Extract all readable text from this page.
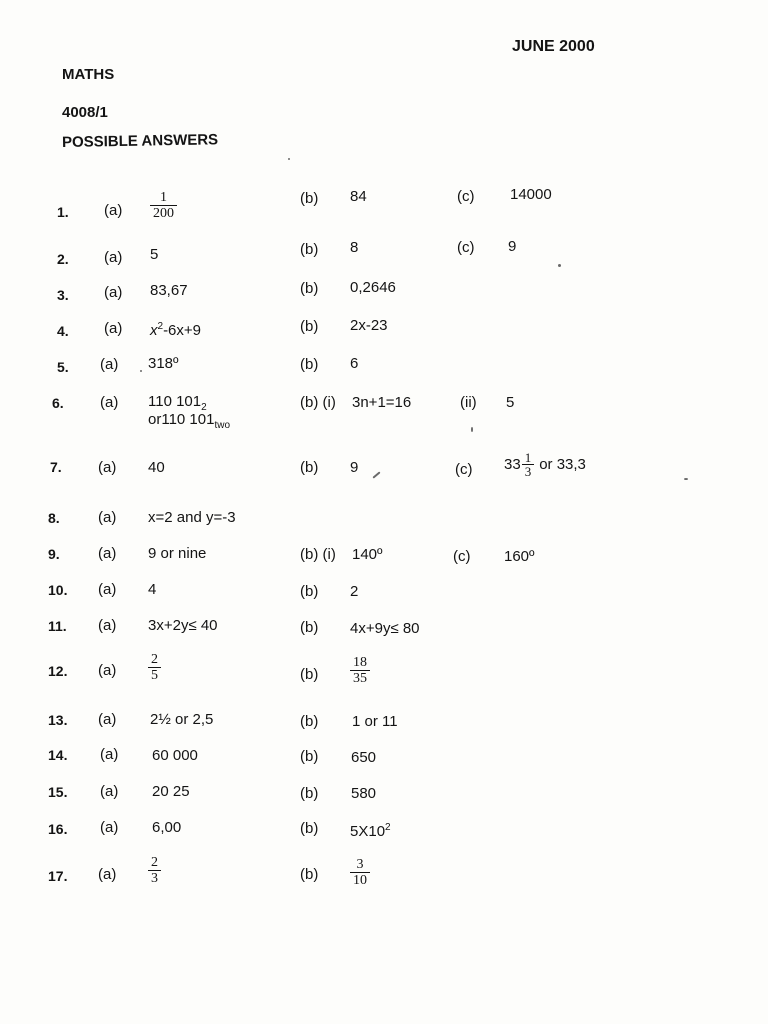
JUNE 2000
MATHS
4008/1
POSSIBLE ANSWERS
1. $(a) \frac{1}{200}$	(b) 84	(c) 14000
2. (a) 5	(b) 8	(c) 9
3. (a) 83,67	(b) 0,2646
4. (a) $x^2-6x+9$	(b) 2x-23
5. (a) 318º	(b) 6
6. (a) 110 $101_2$
or110 $101_{two}$
(b) (i) 3n+1=16	(ii) 5
7. (a) 40	(b) 9	(c) $33 \frac{1}{3}$ or 33,3
8.	(a) x=2 and y=-3
9.	(a) 9 or nine	(b) (i) 140º	(c) 160º
10. (a) 4	(b) 2
11. (a) 3x+2y≤ 40	(b) 4x+9y≤ 80
12. $(a) \frac{2}{5}$	$(b) \frac{18}{35}$
13. (a) 2½ or 2,5	(b) 1 or 11
14. (a) 60 000	(b) 650
15. (a) 20 25	(b) 580
16. (a) 6,00	(b) $5X10^2$
17. $(a) \frac{2}{3}$	$(b) \frac{3}{10}$
